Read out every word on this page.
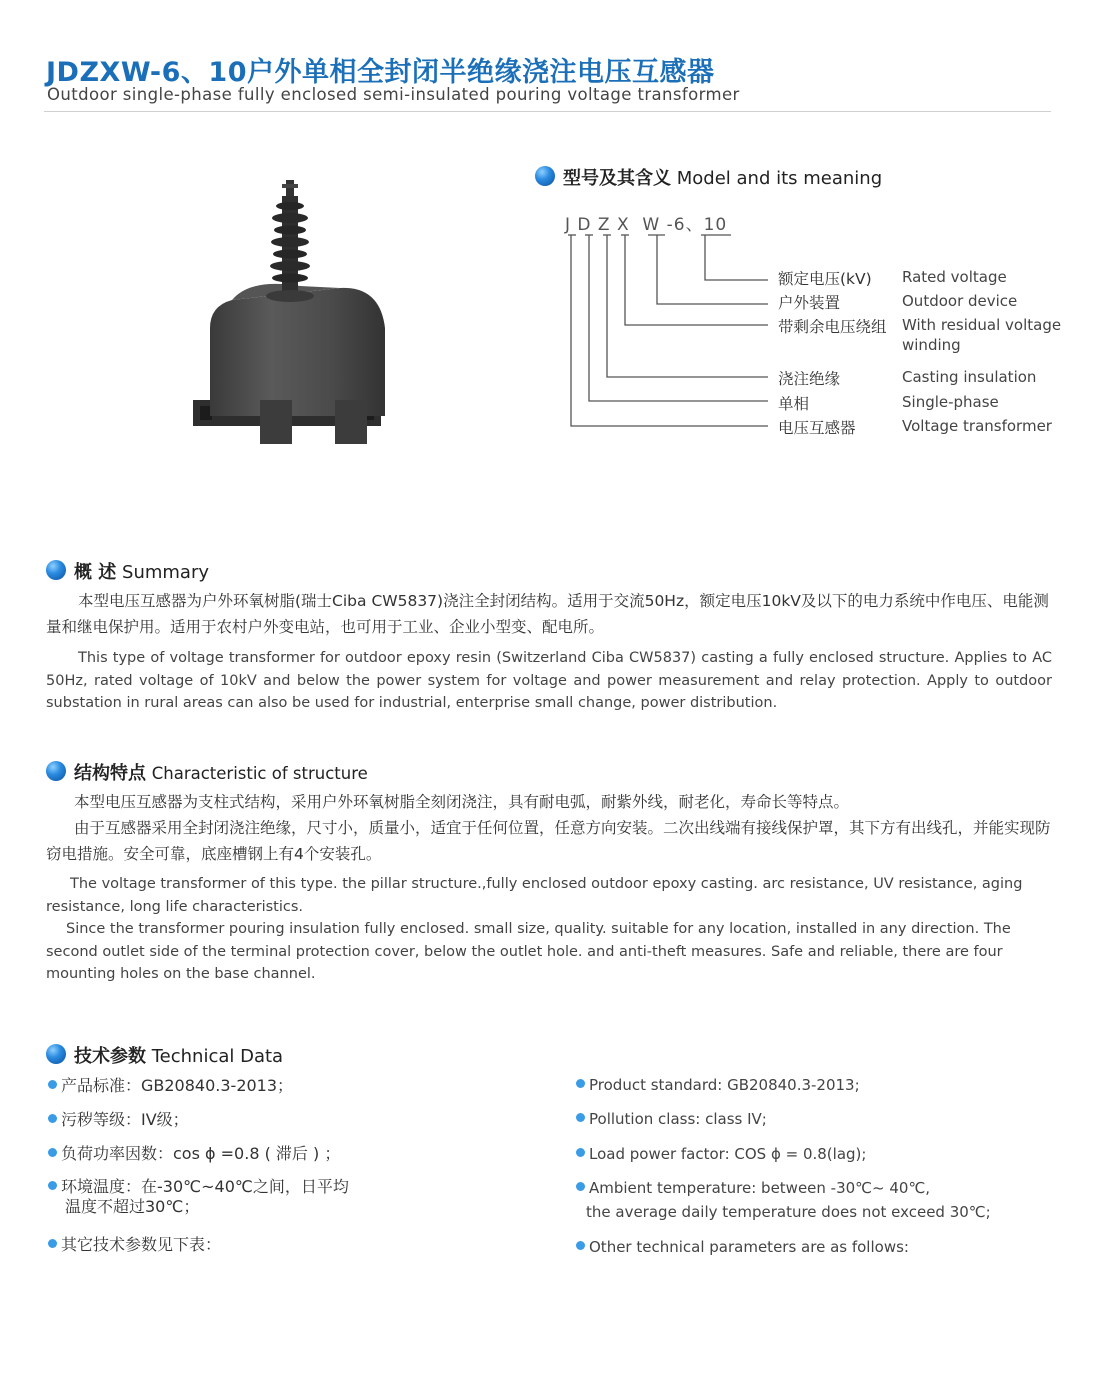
JDZXW-6、10户外单相全封闭半绝缘浇注电压互感器
Outdoor single-phase fully enclosed semi-insulated pouring voltage transformer
型号及其含义 Model and its meaning
J D Z X  W -6、10
额定电压(kV) Rated voltage
户外装置	Outdoor device
带剩余电压绕组 With residual voltage winding
浇注绝缘	Casting insulation
单相	Single-phase
电压互感器	Voltage transformer
概 述 Summary

本型电压互感器为户外环氧树脂(瑞士Ciba CW5837)浇注全封闭结构。适用于交流50Hz，额定电压10kV及以下的电力系统中作电压、电能测量和继电保护用。适用于农村户外变电站，也可用于工业、企业小型变、配电所。

This type of voltage transformer for outdoor epoxy resin (Switzerland Ciba CW5837) casting a fully enclosed structure. Applies to AC 50Hz, rated voltage of 10kV and below the power system for voltage and power measurement and relay protection. Apply to outdoor substation in rural areas can also be used for industrial, enterprise small change, power distribution.

结构特点 Characteristic of structure

本型电压互感器为支柱式结构，采用户外环氧树脂全刻闭浇注，具有耐电弧，耐紫外线，耐老化，寿命长等特点。

由于互感器采用全封闭浇注绝缘，尺寸小，质量小，适宜于任何位置，任意方向安装。二次出线端有接线保护罩，其下方有出线孔，并能实现防窃电措施。安全可靠，底座槽钢上有4个安装孔。

The voltage transformer of this type. the pillar structure.,fully enclosed outdoor epoxy casting. arc resistance, UV resistance, aging resistance, long life characteristics.

Since the transformer pouring insulation fully enclosed. small size, quality. suitable for any location, installed in any direction. The second outlet side of the terminal protection cover, below the outlet hole. and anti-theft measures. Safe and reliable, there are four mounting holes on the base channel.

技术参数 Technical Data
产品标准：GB20840.3-2013；
污秽等级：IV级；
负荷功率因数：cos ϕ =0.8 ( 滞后 ) ；
环境温度：在-30℃~40℃之间，日平均
温度不超过30℃；
其它技术参数见下表：
Product standard: GB20840.3-2013;
Pollution class: class IV;
Load power factor: COS ϕ = 0.8(lag);
Ambient temperature: between -30℃~ 40℃,
the average daily temperature does not exceed 30℃;
Other technical parameters are as follows:
